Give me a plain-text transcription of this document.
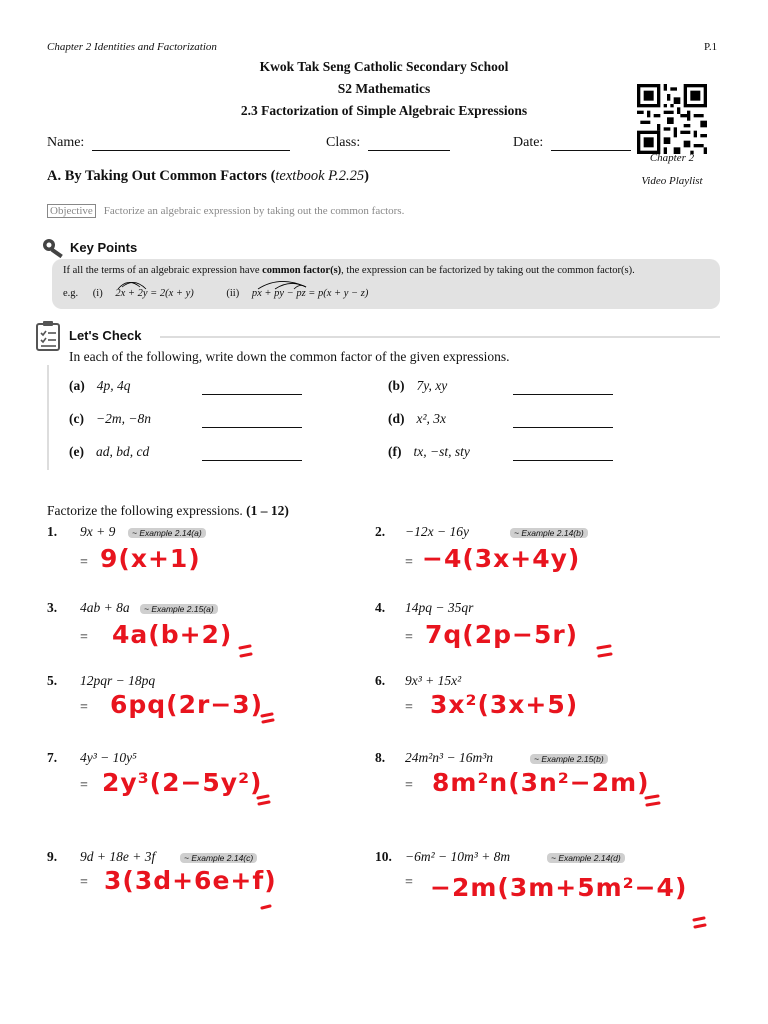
Chapter 2 Identities and Factorization	P.1
Kwok Tak Seng Catholic Secondary School
S2 Mathematics
2.3 Factorization of Simple Algebraic Expressions
Chapter 2
Video Playlist
Name:	Class:	Date:
A. By Taking Out Common Factors (textbook P.2.25)
Objective Factorize an algebraic expression by taking out the common factors.
Key Points
If all the terms of an algebraic expression have common factor(s), the expression can be factorized by taking out the common factor(s).
e.g. (i) 2x + 2y = 2(x + y)	(ii) px + py − pz = p(x + y − z)
Let's Check
In each of the following, write down the common factor of the given expressions.
(a) 4p, 4q	(b) 7y, xy
(c) −2m, −8n	(d) x², 3x
(e) ad, bd, cd	(f) tx, −st, sty
Factorize the following expressions. (1 – 12)
1. 9x + 9	~ Example 2.14(a)
= 9(x+1)
2. −12x − 16y	~ Example 2.14(b)
= −4(3x+4y)
3. 4ab + 8a	~ Example 2.15(a)
= 4a(b+2)
4. 14pq − 35qr
= 7q(2p−5r)
5. 12pqr − 18pq
= 6pq(2r−3)
6. 9x³ + 15x²
= 3x²(3x+5)
7. 4y³ − 10y⁵
= 2y³(2−5y²)
8. 24m²n³ − 16m³n	~ Example 2.15(b)
= 8m²n(3n²−2m)
9. 9d + 18e + 3f	~ Example 2.14(c)
= 3(3d+6e+f)
10. −6m² − 10m³ + 8m	~ Example 2.14(d)
= −2m(3m+5m²−4)
